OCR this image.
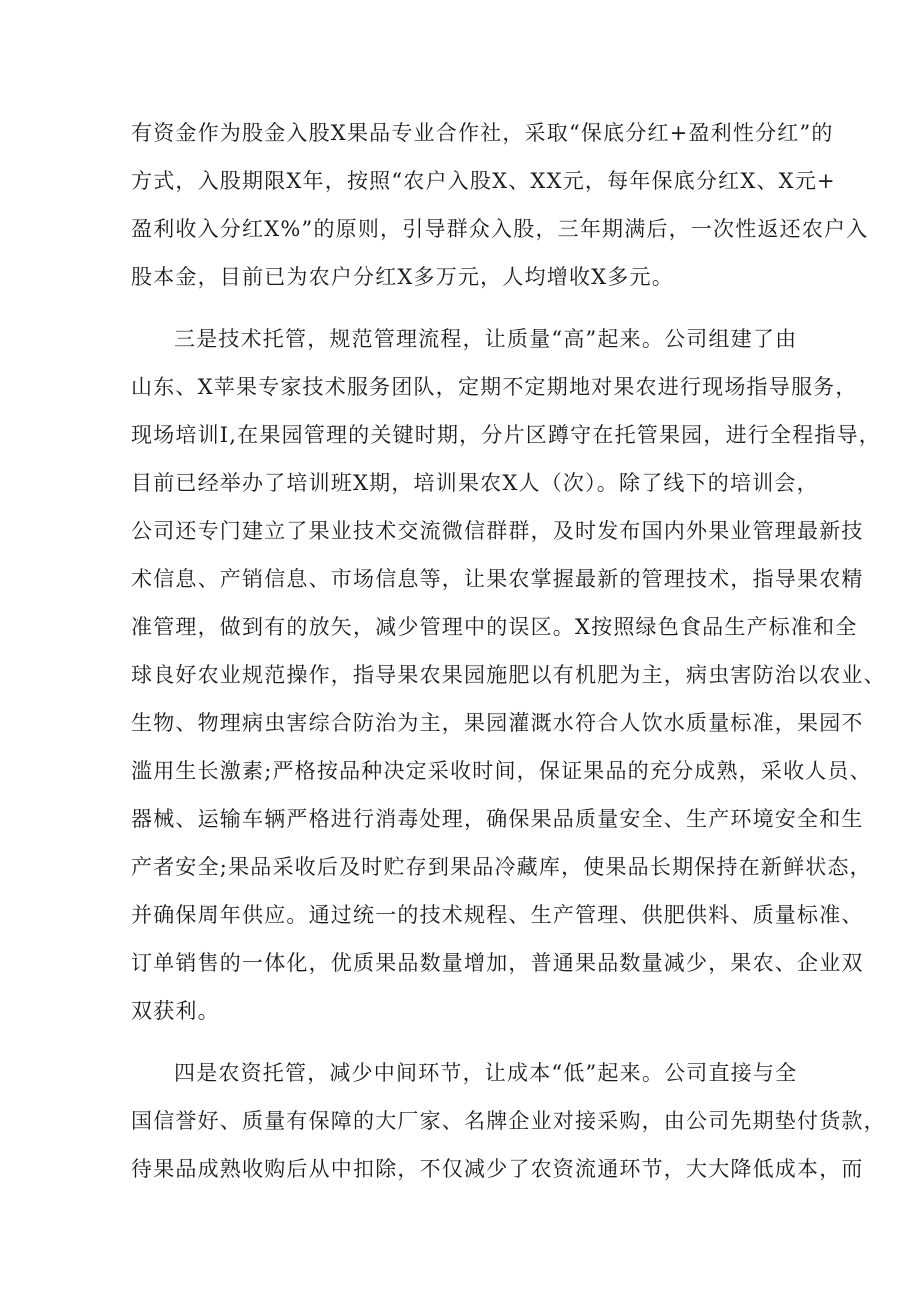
有资金作为股金入股X果品专业合作社，采取“保底分红+盈利性分红”的
方式，入股期限X年，按照“农户入股X、XX元，每年保底分红X、X元+
盈利收入分红X%”的原则，引导群众入股，三年期满后，一次性返还农户入
股本金，目前已为农户分红X多万元，人均增收X多元。
三是技术托管，规范管理流程，让质量“高”起来。公司组建了由
山东、X苹果专家技术服务团队，定期不定期地对果农进行现场指导服务，
现场培训I,在果园管理的关键时期，分片区蹲守在托管果园，进行全程指导，
目前已经举办了培训班X期，培训果农X人（次）。除了线下的培训会，
公司还专门建立了果业技术交流微信群群，及时发布国内外果业管理最新技
术信息、产销信息、市场信息等，让果农掌握最新的管理技术，指导果农精
准管理，做到有的放矢，减少管理中的误区。X按照绿色食品生产标准和全
球良好农业规范操作，指导果农果园施肥以有机肥为主，病虫害防治以农业、
生物、物理病虫害综合防治为主，果园灌溉水符合人饮水质量标准，果园不
滥用生长激素;严格按品种决定采收时间，保证果品的充分成熟，采收人员、
器械、运输车辆严格进行消毒处理，确保果品质量安全、生产环境安全和生
产者安全;果品采收后及时贮存到果品冷藏库，使果品长期保持在新鲜状态，
并确保周年供应。通过统一的技术规程、生产管理、供肥供料、质量标准、
订单销售的一体化，优质果品数量增加，普通果品数量减少，果农、企业双
双获利。
四是农资托管，减少中间环节，让成本“低”起来。公司直接与全
国信誉好、质量有保障的大厂家、名牌企业对接采购，由公司先期垫付货款，
待果品成熟收购后从中扣除，不仅减少了农资流通环节，大大降低成本，而
